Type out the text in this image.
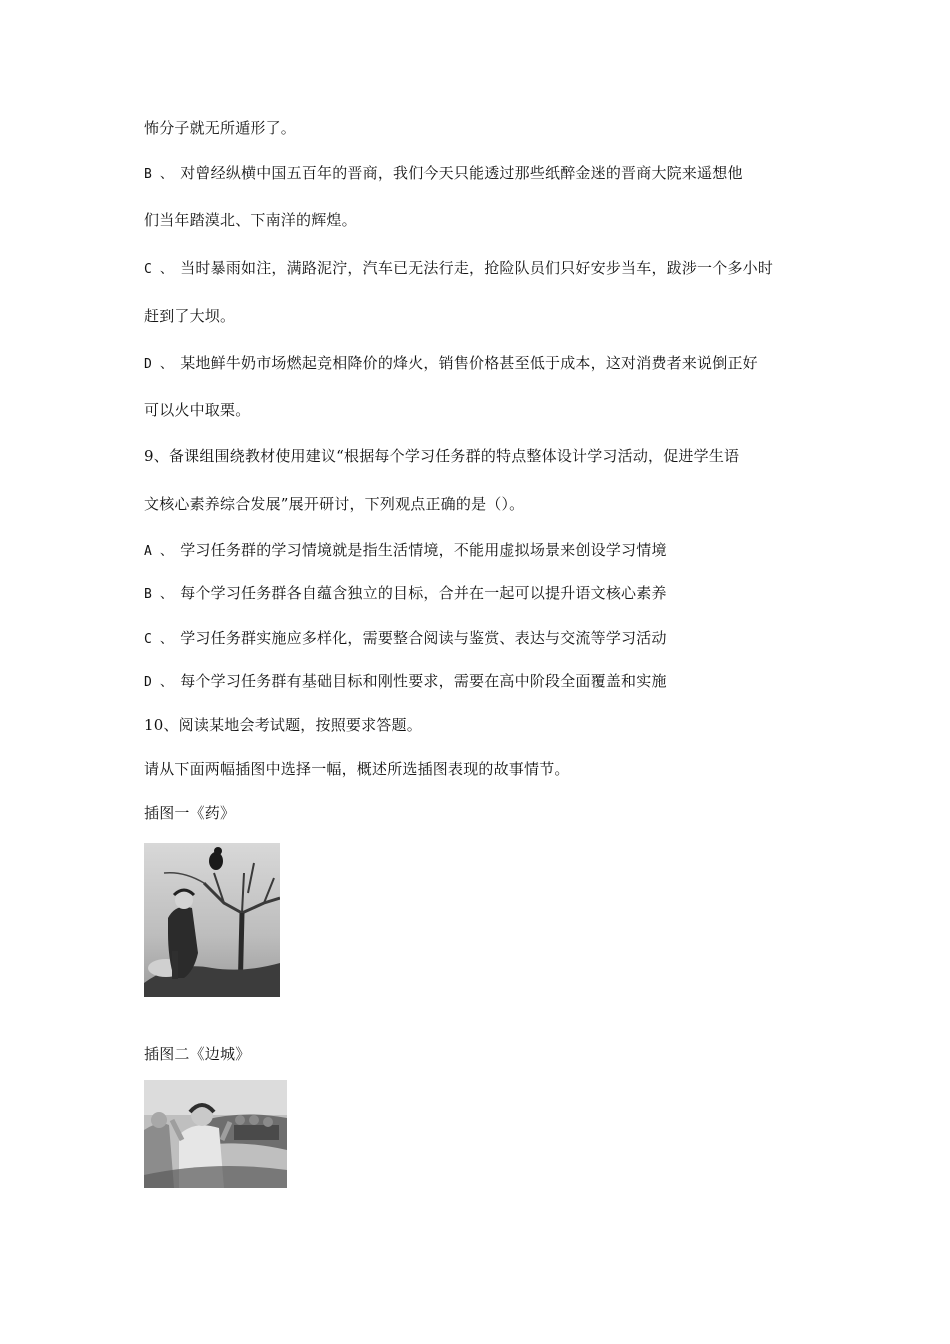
怖分子就无所遁形了。
B 、 对曾经纵横中国五百年的晋商，我们今天只能透过那些纸醉金迷的晋商大院来遥想他
们当年踏漠北、下南洋的辉煌。
C 、 当时暴雨如注，满路泥泞，汽车已无法行走，抢险队员们只好安步当车，跋涉一个多小时
赶到了大坝。
D 、 某地鲜牛奶市场燃起竞相降价的烽火，销售价格甚至低于成本，这对消费者来说倒正好
可以火中取栗。
9、备课组围绕教材使用建议“根据每个学习任务群的特点整体设计学习活动，促进学生语
文核心素养综合发展”展开研讨，下列观点正确的是（）。
A 、 学习任务群的学习情境就是指生活情境，不能用虚拟场景来创设学习情境
B 、 每个学习任务群各自蕴含独立的目标，合并在一起可以提升语文核心素养
C 、 学习任务群实施应多样化，需要整合阅读与鉴赏、表达与交流等学习活动
D 、 每个学习任务群有基础目标和刚性要求，需要在高中阶段全面覆盖和实施
10、阅读某地会考试题，按照要求答题。
请从下面两幅插图中选择一幅，概述所选插图表现的故事情节。
插图一《药》
插图二《边城》
